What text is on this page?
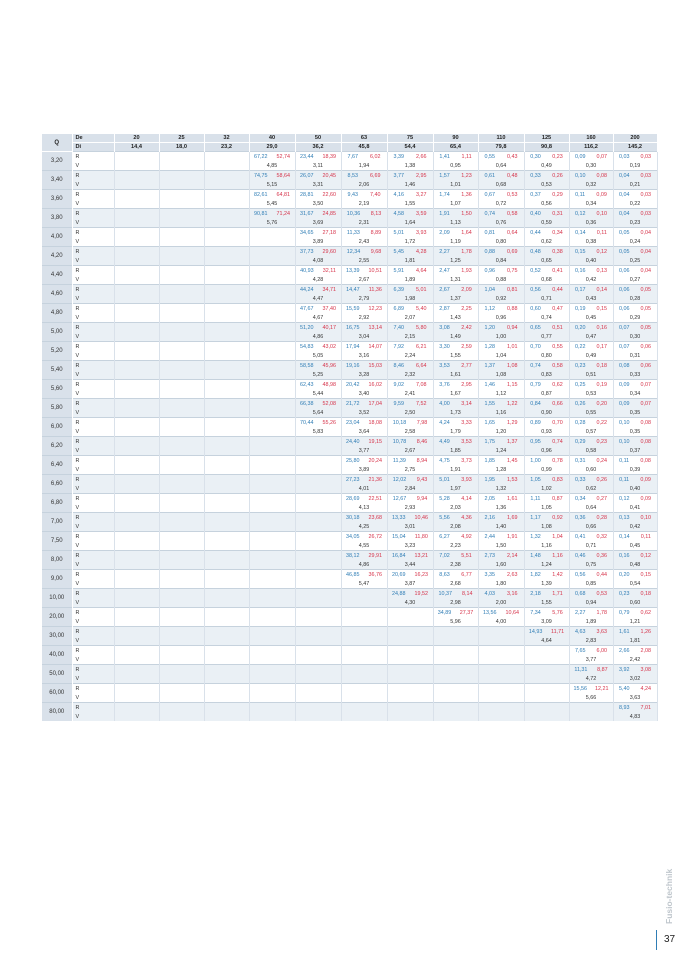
Q	De	20	25	32	40	50	63	75	90	110	125	160	200
	Di	14,4	18,0	23,2	29,0	36,2	45,8	54,4	65,4	79,8	90,8	116,2	145,2
3,20	R				67,22 52,74	23,44 18,39	7,67 6,02	3,39 2,66	1,41 1,11	0,55 0,43	0,30 0,23	0,09 0,07	0,03 0,03

	V				4,85	3,11	1,94	1,38	0,95	0,64	0,49	0,30	0,19

3,40	R				74,75 58,64	26,07 20,45	8,53 6,69	3,77 2,95	1,57 1,23	0,61 0,48	0,33 0,26	0,10 0,08	0,04 0,03

	V				5,15	3,31	2,06	1,46	1,01	0,68	0,53	0,32	0,21

3,60	R				82,61 64,81	28,81 22,60	9,43 7,40	4,16 3,27	1,74 1,36	0,67 0,53	0,37 0,29	0,11 0,09	0,04 0,03

	V				5,45	3,50	2,19	1,55	1,07	0,72	0,56	0,34	0,22

3,80	R				90,81 71,24	31,67 24,85	10,36 8,13	4,58 3,59	1,91 1,50	0,74 0,58	0,40 0,31	0,12 0,10	0,04 0,03

	V				5,76	3,69	2,31	1,64	1,13	0,76	0,59	0,36	0,23

4,00	R					34,65 27,18	11,33 8,89	5,01 3,93	2,09 1,64	0,81 0,64	0,44 0,34	0,14 0,11	0,05 0,04

	V					3,89	2,43	1,72	1,19	0,80	0,62	0,38	0,24

4,20	R					37,73 29,60	12,34 9,68	5,45 4,28	2,27 1,78	0,88 0,69	0,48 0,38	0,15 0,12	0,05 0,04

	V					4,08	2,55	1,81	1,25	0,84	0,65	0,40	0,25

4,40	R					40,93 32,11	13,39 10,51	5,91 4,64	2,47 1,93	0,96 0,75	0,52 0,41	0,16 0,13	0,06 0,04

	V					4,28	2,67	1,89	1,31	0,88	0,68	0,42	0,27

4,60	R					44,24 34,71	14,47 11,36	6,39 5,01	2,67 2,09	1,04 0,81	0,56 0,44	0,17 0,14	0,06 0,05

	V					4,47	2,79	1,98	1,37	0,92	0,71	0,43	0,28

4,80	R					47,67 37,40	15,59 12,23	6,89 5,40	2,87 2,25	1,12 0,88	0,60 0,47	0,19 0,15	0,06 0,05

	V					4,67	2,92	2,07	1,43	0,96	0,74	0,45	0,29

5,00	R					51,20 40,17	16,75 13,14	7,40 5,80	3,08 2,42	1,20 0,94	0,65 0,51	0,20 0,16	0,07 0,05

	V					4,86	3,04	2,15	1,49	1,00	0,77	0,47	0,30

5,20	R					54,83 43,02	17,94 14,07	7,92 6,21	3,30 2,59	1,28 1,01	0,70 0,55	0,22 0,17	0,07 0,06

	V					5,05	3,16	2,24	1,55	1,04	0,80	0,49	0,31

5,40	R					58,58 45,96	19,16 15,03	8,46 6,64	3,53 2,77	1,37 1,08	0,74 0,58	0,23 0,18	0,08 0,06

	V					5,25	3,28	2,32	1,61	1,08	0,83	0,51	0,33

5,60	R					62,43 48,98	20,42 16,02	9,02 7,08	3,76 2,95	1,46 1,15	0,79 0,62	0,25 0,19	0,09 0,07

	V					5,44	3,40	2,41	1,67	1,12	0,87	0,53	0,34

5,80	R					66,38 52,08	21,72 17,04	9,59 7,52	4,00 3,14	1,55 1,22	0,84 0,66	0,26 0,20	0,09 0,07

	V					5,64	3,52	2,50	1,73	1,16	0,90	0,55	0,35

6,00	R					70,44 55,26	23,04 18,08	10,18 7,98	4,24 3,33	1,65 1,29	0,89 0,70	0,28 0,22	0,10 0,08

	V					5,83	3,64	2,58	1,79	1,20	0,93	0,57	0,35

6,20	R						24,40 19,15	10,78 8,46	4,49 3,53	1,75 1,37	0,95 0,74	0,29 0,23	0,10 0,08

	V						3,77	2,67	1,85	1,24	0,96	0,58	0,37

6,40	R						25,80 20,24	11,39 8,94	4,75 3,73	1,85 1,45	1,00 0,78	0,31 0,24	0,11 0,08

	V						3,89	2,75	1,91	1,28	0,99	0,60	0,39

6,60	R						27,23 21,36	12,02 9,43	5,01 3,93	1,95 1,53	1,05 0,83	0,33 0,26	0,11 0,09

	V						4,01	2,84	1,97	1,32	1,02	0,62	0,40

6,80	R						28,69 22,51	12,67 9,94	5,28 4,14	2,05 1,61	1,11 0,87	0,34 0,27	0,12 0,09

	V						4,13	2,93	2,03	1,36	1,05	0,64	0,41

7,00	R						30,18 23,68	13,33 10,46	5,56 4,36	2,16 1,69	1,17 0,92	0,36 0,28	0,13 0,10

	V						4,25	3,01	2,08	1,40	1,08	0,66	0,42

7,50	R						34,05 26,72	15,04 11,80	6,27 4,92	2,44 1,91	1,32 1,04	0,41 0,32	0,14 0,11

	V						4,55	3,23	2,23	1,50	1,16	0,71	0,45

8,00	R						38,12 29,91	16,84 13,21	7,02 5,51	2,73 2,14	1,48 1,16	0,46 0,36	0,16 0,12

	V						4,86	3,44	2,38	1,60	1,24	0,75	0,48

9,00	R						46,85 36,76	20,69 16,23	8,63 6,77	3,35 2,63	1,82 1,42	0,56 0,44	0,20 0,15

	V						5,47	3,87	2,68	1,80	1,39	0,85	0,54

10,00	R							24,88 19,52	10,37 8,14	4,03 3,16	2,18 1,71	0,68 0,53	0,23 0,18

	V							4,30	2,98	2,00	1,55	0,94	0,60

20,00	R								34,89 27,37	13,56 10,64	7,34 5,76	2,27 1,78	0,79 0,62

	V								5,96	4,00	3,09	1,89	1,21

30,00	R										14,93 11,71	4,63 3,63	1,61 1,26

	V										4,64	2,83	1,81

40,00	R											7,65 6,00	2,66 2,08

	V											3,77	2,42

50,00	R											11,31 8,87	3,92 3,08

	V											4,72	3,02

60,00	R											15,56 12,21	5,40 4,24

	V											5,66	3,63

80,00	R												8,93 7,01

	V												4,83
Fusio-technik
37
